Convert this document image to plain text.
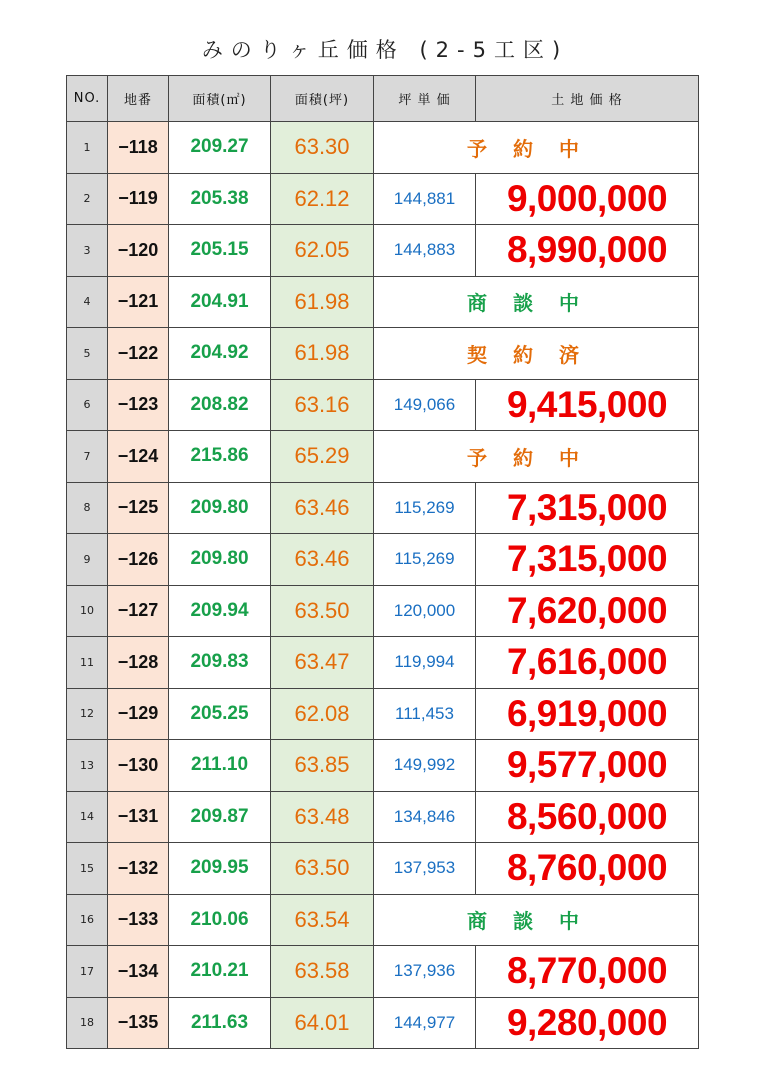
みのりヶ丘価格 (2-5工区)
NO.	地番	面積(㎡)	面積(坪)	坪 単 価	土 地 価 格
1	−118	209.27	63.30	予約中	
2	−119	205.38	62.12	144,881	9,000,000
3	−120	205.15	62.05	144,883	8,990,000
4	−121	204.91	61.98	商談中	
5	−122	204.92	61.98	契約済	
6	−123	208.82	63.16	149,066	9,415,000
7	−124	215.86	65.29	予約中	
8	−125	209.80	63.46	115,269	7,315,000
9	−126	209.80	63.46	115,269	7,315,000
10	−127	209.94	63.50	120,000	7,620,000
11	−128	209.83	63.47	119,994	7,616,000
12	−129	205.25	62.08	111,453	6,919,000
13	−130	211.10	63.85	149,992	9,577,000
14	−131	209.87	63.48	134,846	8,560,000
15	−132	209.95	63.50	137,953	8,760,000
16	−133	210.06	63.54	商談中	
17	−134	210.21	63.58	137,936	8,770,000
18	−135	211.63	64.01	144,977	9,280,000
